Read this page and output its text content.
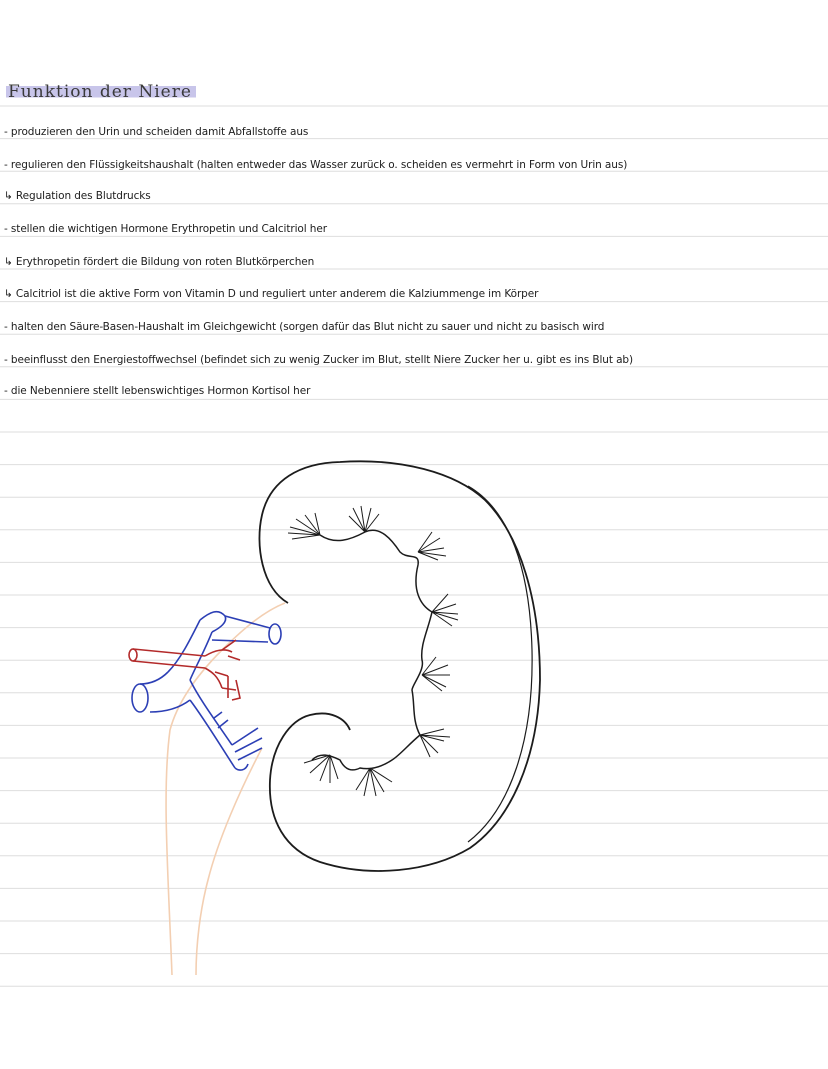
Funktion der Niere

- produzieren den Urin und scheiden damit Abfallstoffe aus

- regulieren den Flüssigkeitshaushalt (halten entweder das Wasser zurück o. scheiden es vermehrt in Form von Urin aus)

↳ Regulation des Blutdrucks

- stellen die wichtigen Hormone Erythropetin und Calcitriol her

↳ Erythropetin fördert die Bildung von roten Blutkörperchen

↳ Calcitriol ist die aktive Form von Vitamin D und reguliert unter anderem die Kalziummenge im Körper

- halten den Säure-Basen-Haushalt im Gleichgewicht (sorgen dafür das Blut nicht zu sauer und nicht zu basisch wird

- beeinflusst den Energiestoffwechsel (befindet sich zu wenig Zucker im Blut, stellt Niere Zucker her u. gibt es ins Blut ab)

- die Nebenniere stellt lebenswichtiges Hormon Kortisol her
